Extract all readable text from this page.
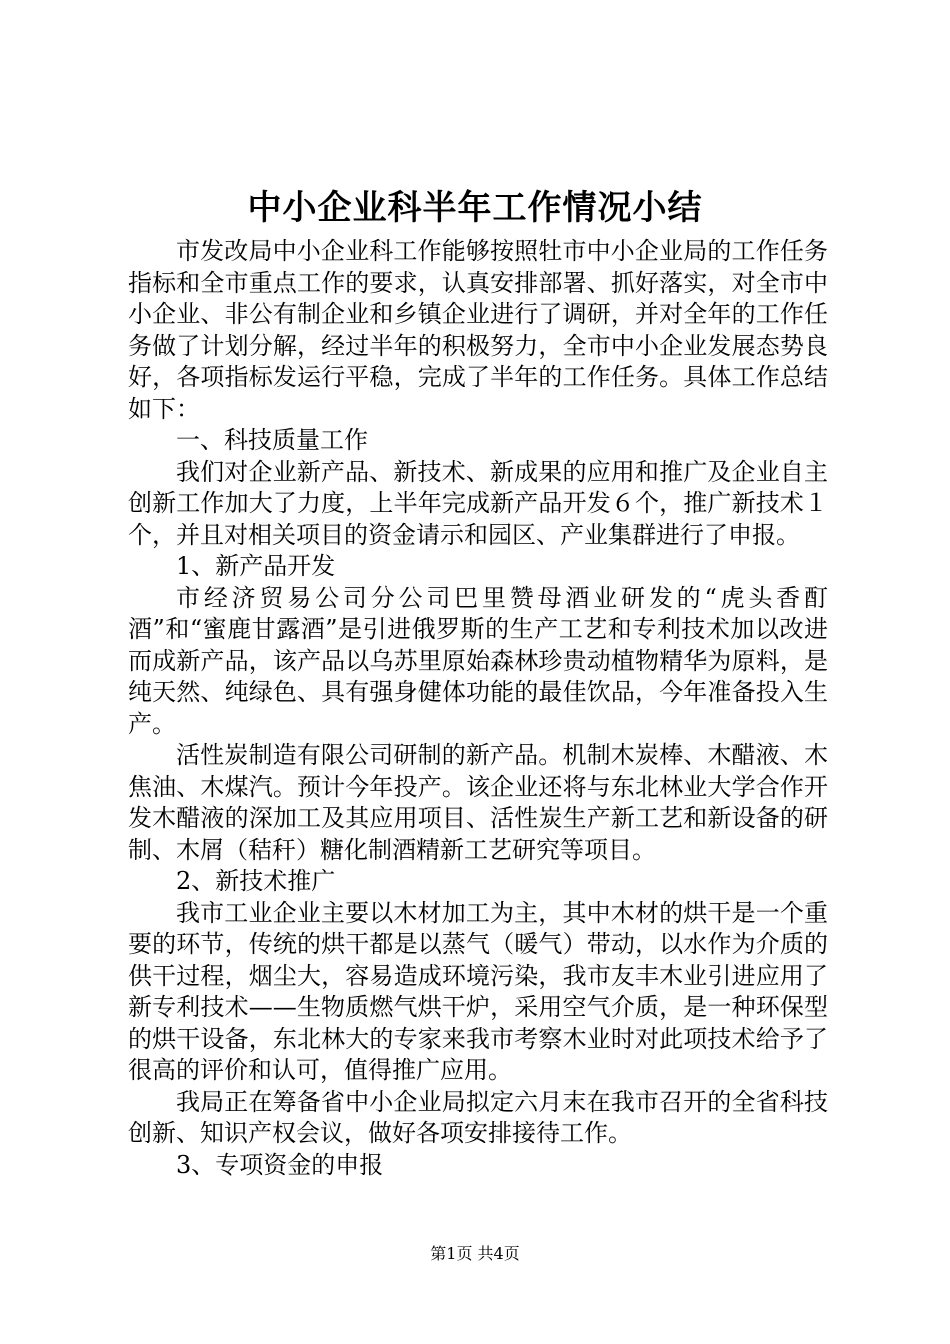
中小企业科半年工作情况小结

市发改局中小企业科工作能够按照牡市中小企业局的工作任务指标和全市重点工作的要求，认真安排部署、抓好落实，对全市中小企业、非公有制企业和乡镇企业进行了调研，并对全年的工作任务做了计划分解，经过半年的积极努力，全市中小企业发展态势良好，各项指标发运行平稳，完成了半年的工作任务。具体工作总结如下：

一、科技质量工作

我们对企业新产品、新技术、新成果的应用和推广及企业自主创新工作加大了力度，上半年完成新产品开发６个，推广新技术１个，并且对相关项目的资金请示和园区、产业集群进行了申报。

1、新产品开发

市经济贸易公司分公司巴里赞母酒业研发的“虎头香酊酒”和“蜜鹿甘露酒”是引进俄罗斯的生产工艺和专利技术加以改进而成新产品，该产品以乌苏里原始森林珍贵动植物精华为原料，是纯天然、纯绿色、具有强身健体功能的最佳饮品，今年准备投入生产。

活性炭制造有限公司研制的新产品。机制木炭棒、木醋液、木焦油、木煤汽。预计今年投产。该企业还将与东北林业大学合作开发木醋液的深加工及其应用项目、活性炭生产新工艺和新设备的研制、木屑（秸秆）糖化制酒精新工艺研究等项目。

2、新技术推广

我市工业企业主要以木材加工为主，其中木材的烘干是一个重要的环节，传统的烘干都是以蒸气（暖气）带动，以水作为介质的供干过程，烟尘大，容易造成环境污染，我市友丰木业引进应用了新专利技术——生物质燃气烘干炉，采用空气介质，是一种环保型的烘干设备，东北林大的专家来我市考察木业时对此项技术给予了很高的评价和认可，值得推广应用。

我局正在筹备省中小企业局拟定六月末在我市召开的全省科技创新、知识产权会议，做好各项安排接待工作。

3、专项资金的申报

第1页 共4页
